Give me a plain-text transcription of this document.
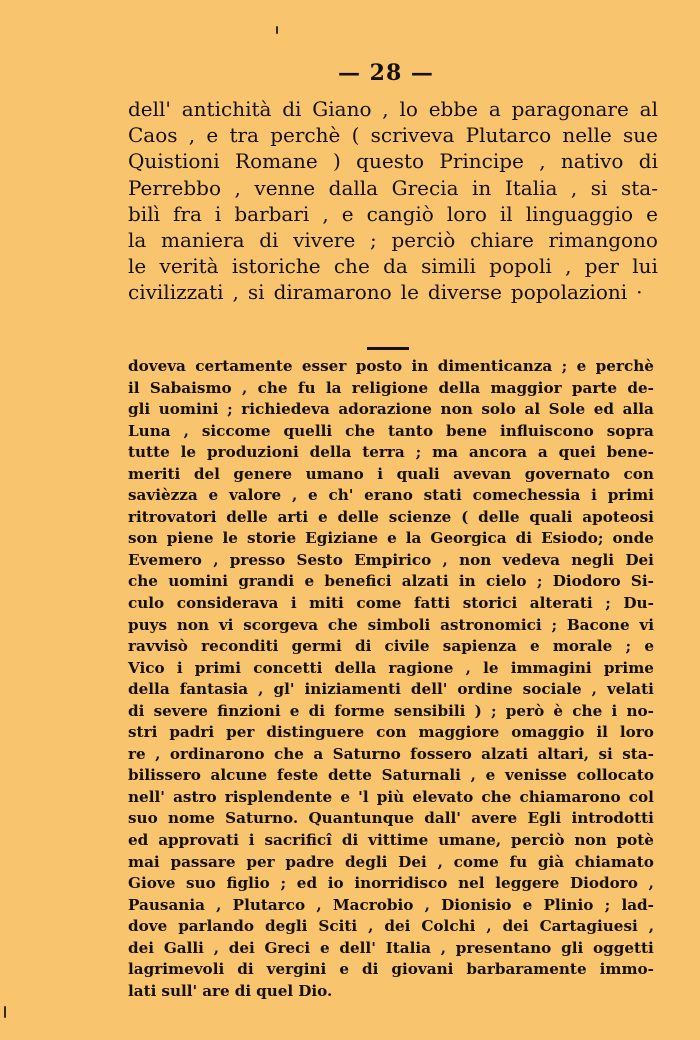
— 28 —
dell' antichità di Giano , lo ebbe a paragonare al
Caos , e tra perchè ( scriveva Plutarco nelle sue
Quistioni Romane ) questo Principe , nativo di
Perrebbo , venne dalla Grecia in Italia , si sta-
bilì fra i barbari , e cangiò loro il linguaggio e
la maniera di vivere ; perciò chiare rimangono
le verità istoriche che da simili popoli , per lui
civilizzati , si diramarono le diverse popolazioni ·
doveva certamente esser posto in dimenticanza ; e perchè
il Sabaismo , che fu la religione della maggior parte de-
gli uomini ; richiedeva adorazione non solo al Sole ed alla
Luna , siccome quelli che tanto bene influiscono sopra
tutte le produzioni della terra ; ma ancora a quei bene-
meriti del genere umano i quali avevan governato con
savièzza e valore , e ch' erano stati comechessia i primi
ritrovatori delle arti e delle scienze ( delle quali apoteosi
son piene le storie Egiziane e la Georgica di Esiodo; onde
Evemero , presso Sesto Empirico , non vedeva negli Dei
che uomini grandi e benefici alzati in cielo ; Diodoro Si-
culo considerava i miti come fatti storici alterati ; Du-
puys non vi scorgeva che simboli astronomici ; Bacone vi
ravvisò reconditi germi di civile sapienza e morale ; e
Vico i primi concetti della ragione , le immagini prime
della fantasia , gl' iniziamenti dell' ordine sociale , velati
di severe finzioni e di forme sensibili ) ; però è che i no-
stri padri per distinguere con maggiore omaggio il loro
re , ordinarono che a Saturno fossero alzati altari, si sta-
bilissero alcune feste dette Saturnali , e venisse collocato
nell' astro risplendente e 'l più elevato che chiamarono col
suo nome Saturno. Quantunque dall' avere Egli introdotti
ed approvati i sacrificî di vittime umane, perciò non potè
mai passare per padre degli Dei , come fu già chiamato
Giove suo figlio ; ed io inorridisco nel leggere Diodoro ,
Pausania , Plutarco , Macrobio , Dionisio e Plinio ; lad-
dove parlando degli Sciti , dei Colchi , dei Cartagiuesi ,
dei Galli , dei Greci e dell' Italia , presentano gli oggetti
lagrimevoli di vergini e di giovani barbaramente immo-
lati sull' are di quel Dio.
